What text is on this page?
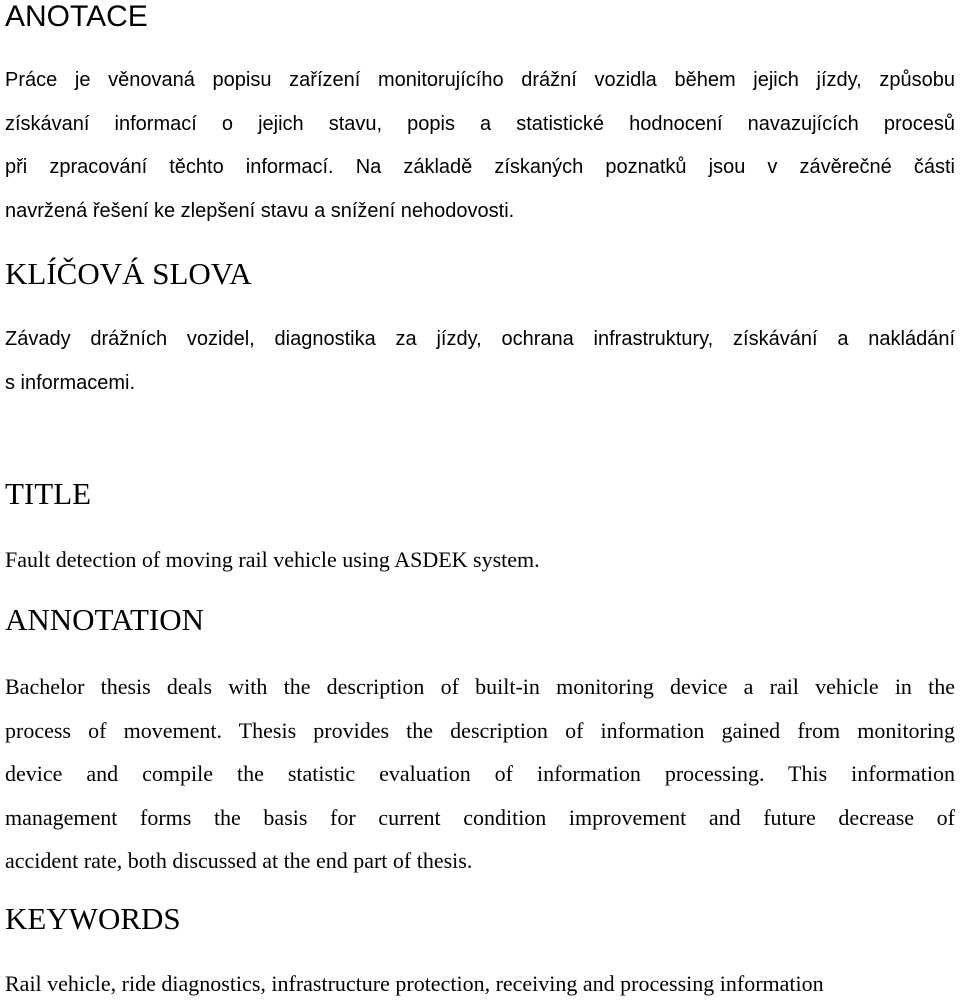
ANOTACE
Práce je věnovaná popisu zařízení monitorujícího drážní vozidla během jejich jízdy, způsobu
získávaní informací o jejich stavu, popis a statistické hodnocení navazujících procesů
při zpracování těchto informací. Na základě získaných poznatků jsou v závěrečné části
navržená řešení ke zlepšení stavu a snížení nehodovosti.
KLÍČOVÁ SLOVA
Závady drážních vozidel, diagnostika za jízdy, ochrana infrastruktury, získávání a nakládání
s informacemi.
TITLE
Fault detection of moving rail vehicle using ASDEK system.
ANNOTATION
Bachelor thesis deals with the description of built-in monitoring device a rail vehicle in the
process of movement. Thesis provides the description of information gained from monitoring
device and compile the statistic evaluation of information processing. This information
management forms the basis for current condition improvement and future decrease of
accident rate, both discussed at the end part of thesis.
KEYWORDS
Rail vehicle, ride diagnostics, infrastructure protection, receiving and processing information
